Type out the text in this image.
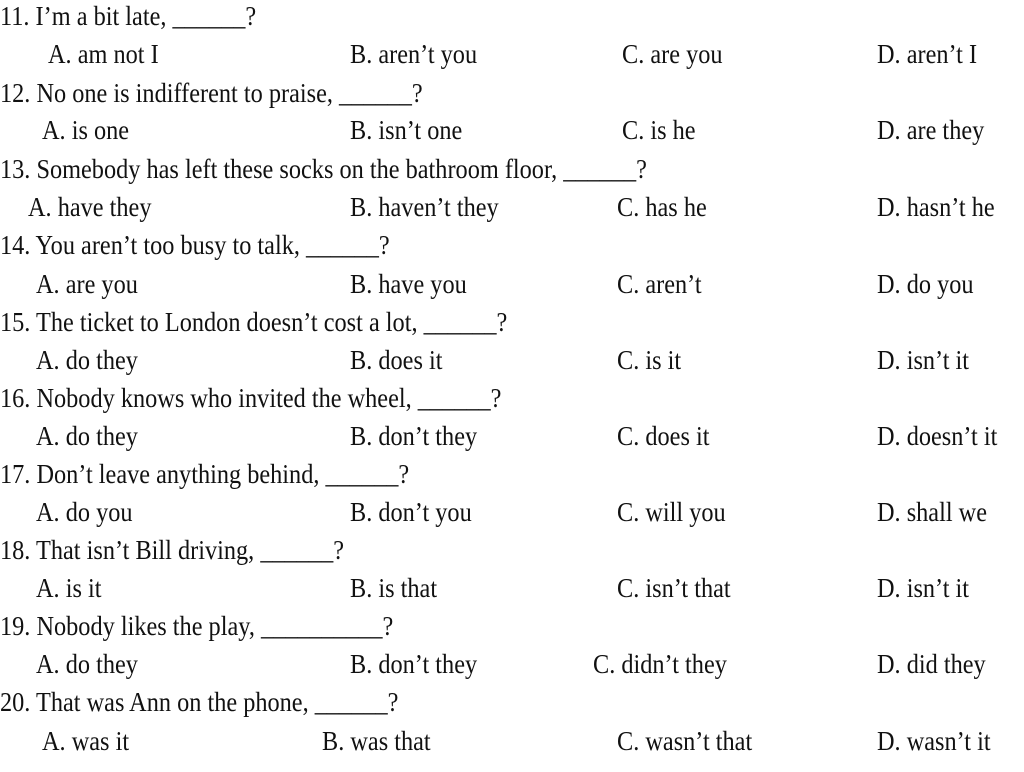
11. I’m a bit late, ______?
A. am not I	B. aren’t you	C. are you	D. aren’t I
12. No one is indifferent to praise, ______?
A. is one	B. isn’t one	C. is he	D. are they
13. Somebody has left these socks on the bathroom floor, ______?
A. have they	B. haven’t they	C. has he	D. hasn’t he
14. You aren’t too busy to talk, ______?
A. are you	B. have you	C. aren’t	D. do you
15. The ticket to London doesn’t cost a lot, ______?
A. do they	B. does it	C. is it	D. isn’t it
16. Nobody knows who invited the wheel, ______?
A. do they	B. don’t they	C. does it	D. doesn’t it
17. Don’t leave anything behind, ______?
A. do you	B. don’t you	C. will you	D. shall we
18. That isn’t Bill driving, ______?
A. is it	B. is that	C. isn’t that	D. isn’t it
19. Nobody likes the play, __________?
A. do they	B. don’t they	C. didn’t they	D. did they
20. That was Ann on the phone, ______?
A. was it	B. was that	C. wasn’t that	D. wasn’t it
